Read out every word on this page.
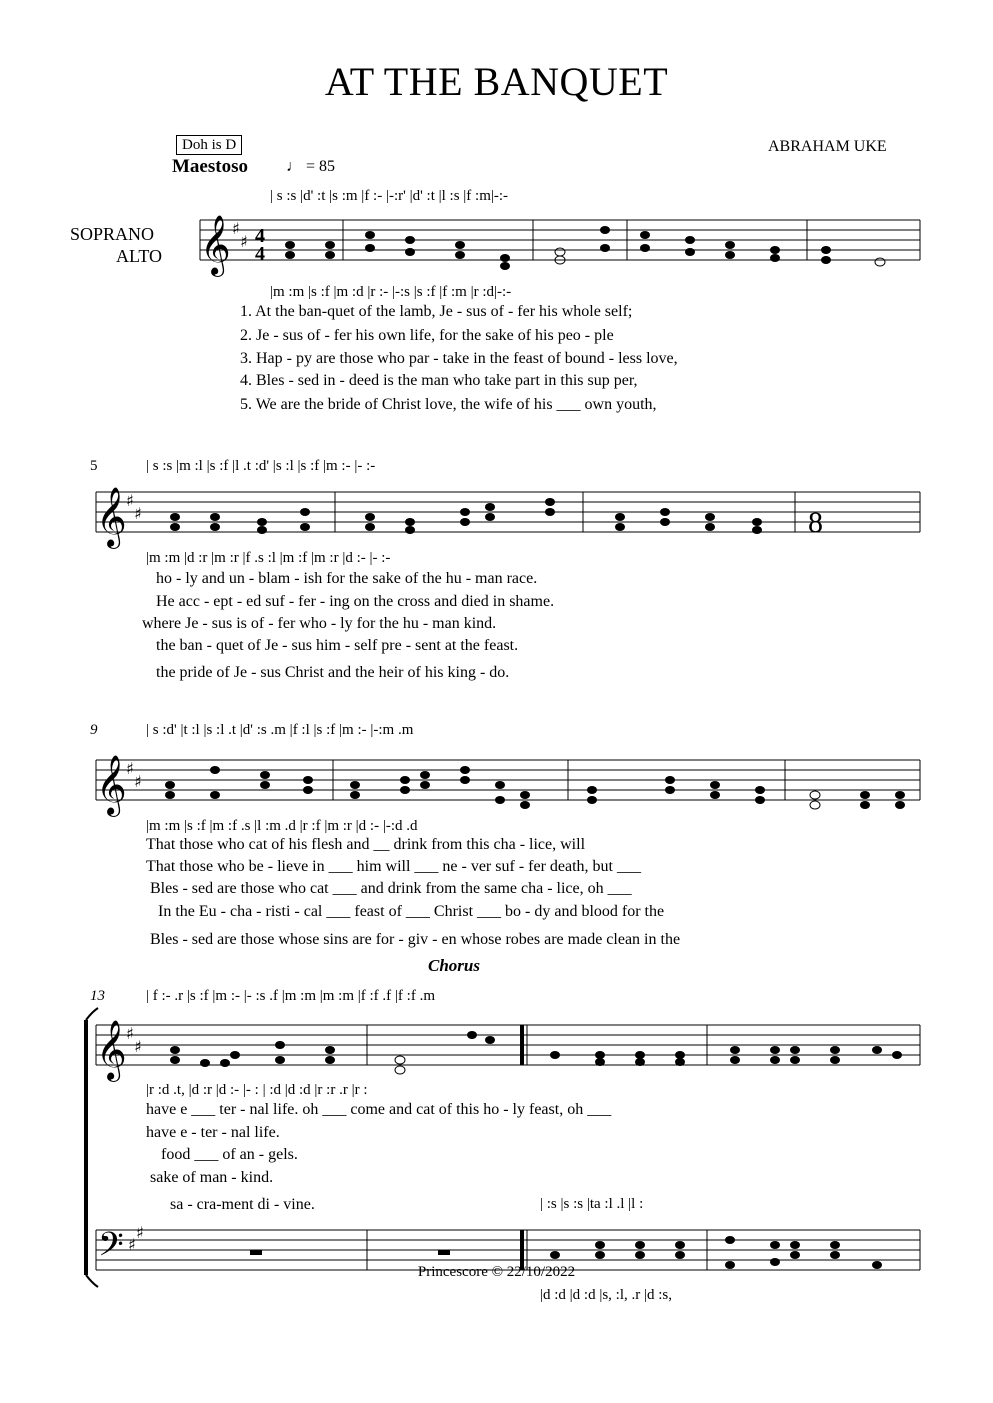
AT THE BANQUET
Doh is D	ABRAHAM UKE
Maestoso ♩ = 85
SOPRANO
ALTO
| s :s |d' :t |s :m |f :- |-:r' |d' :t |l :s |f :m|-:-
|m :m |s :f |m :d |r :- |-:s |s :f |f :m |r :d|-:-
1. At the ban-quet of the lamb, Je - sus of - fer his whole self;
2. Je - sus of - fer his own life, for the sake of his peo - ple
3. Hap - py are those who par - take in the feast of bound - less love,
4. Bles - sed in - deed is the man who take part in this sup per,
5. We are the bride of Christ love, the wife of his ___ own youth,
5	| s :s |m :l |s :f |l .t :d' |s :l |s :f |m :- |- :-
|m :m |d :r |m :r |f .s :l |m :f |m :r |d :- |- :-
ho - ly and un - blam - ish for the sake of the hu - man race.
He acc - ept - ed suf - fer - ing on the cross and died in shame.
where Je - sus is of - fer who - ly for the hu - man kind.
the ban - quet of Je - sus him - self pre - sent at the feast.
the pride of Je - sus Christ and the heir of his king - do.
9	| s :d' |t :l |s :l .t |d' :s .m |f :l |s :f |m :- |-:m .m
|m :m |s :f |m :f .s |l :m .d |r :f |m :r |d :- |-:d .d
That those who cat of his flesh and __ drink from this cha - lice, will
That those who be - lieve in ___ him will ___ ne - ver suf - fer death, but ___
Bles - sed are those who cat ___ and drink from the same cha - lice, oh ___
In the Eu - cha - risti - cal ___ feast of ___ Christ ___ bo - dy and blood for the
Bles - sed are those whose sins are for - giv - en whose robes are made clean in the
Chorus
13	| f :- .r |s :f |m :- |- :s .f |m :m |m :m |f :f .f |f :f .m
|r :d .t, |d :r |d :- |- : | :d |d :d |r :r .r |r :
have e ___ ter - nal life. oh ___ come and cat of this ho - ly feast, oh ___
have e - ter - nal life.
food ___ of an - gels.
sake of man - kind.
sa - cra-ment di - vine.	| :s |s :s |ta :l .l |l :
|d :d |d :d |s, :l, .r |d :s,
Princescore © 22/10/2022
𝄞 ♯
♯ 4
4
𝄞 ♯
♯
𝄞 ♯
♯
𝄞 ♯
♯
𝄢 ♯
♯
8
